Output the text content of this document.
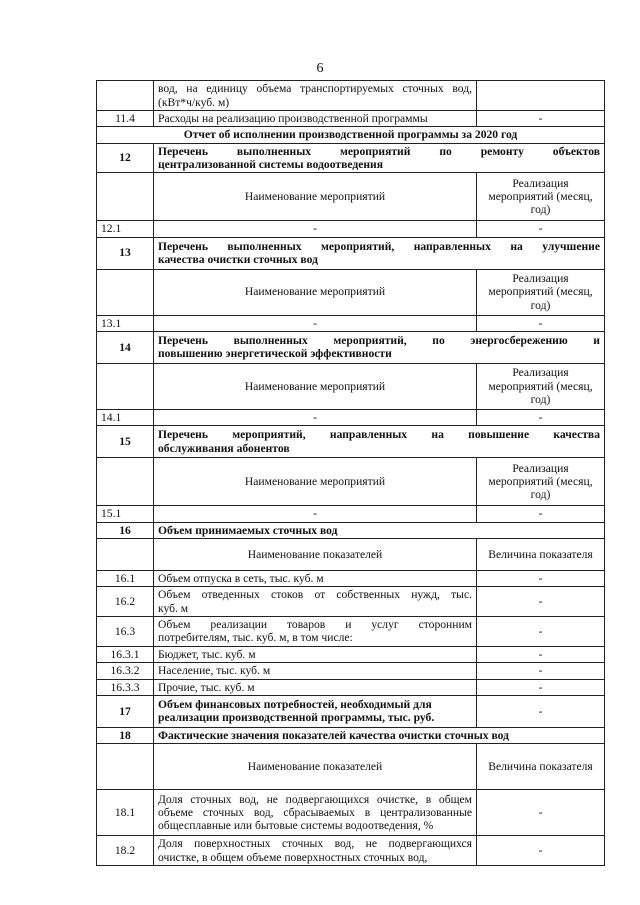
6
	вод, на единицу объема транспортируемых сточных вод, (кВт*ч/куб. м)	
11.4	Расходы на реализацию производственной программы	-
Отчет об исполнении производственной программы за 2020 год		
12	Перечень выполненных мероприятий по ремонту объектов
централизованной системы водоотведения	

	Наименование мероприятий	Реализация мероприятий (месяц, год)
12.1	-	-
13	Перечень выполненных мероприятий, направленных на улучшение
качества очистки сточных вод	

	Наименование мероприятий	Реализация мероприятий (месяц, год)
13.1	-	-
14	Перечень выполненных мероприятий, по энергосбережению и
повышению энергетической эффективности	

	Наименование мероприятий	Реализация мероприятий (месяц, год)
14.1	-	-
15	Перечень мероприятий, направленных на повышение качества
обслуживания абонентов	

	Наименование мероприятий	Реализация мероприятий (месяц, год)
15.1	-	-
16	Объем принимаемых сточных вод	
	Наименование показателей	Величина показателя
16.1	Объем отпуска в сеть, тыс. куб. м	-
16.2	Объем отведенных стоков от собственных нужд, тыс.
куб. м	-
16.3	Объем реализации товаров и услуг сторонним
потребителям, тыс. куб. м, в том числе:	-
16.3.1	Бюджет, тыс. куб. м	-
16.3.2	Население, тыс. куб. м	-
16.3.3	Прочие, тыс. куб. м	-
17	Объем финансовых потребностей, необходимый для
реализации производственной программы, тыс. руб.	-
18	Фактические значения показателей качества очистки сточных вод	
	Наименование показателей	Величина показателя
18.1	Доля сточных вод, не подвергающихся очистке, в общем объеме сточных вод, сбрасываемых в централизованные общесплавные или бытовые системы водоотведения, %	-
18.2	Доля поверхностных сточных вод, не подвергающихся очистке, в общем объеме поверхностных сточных вод,	-
